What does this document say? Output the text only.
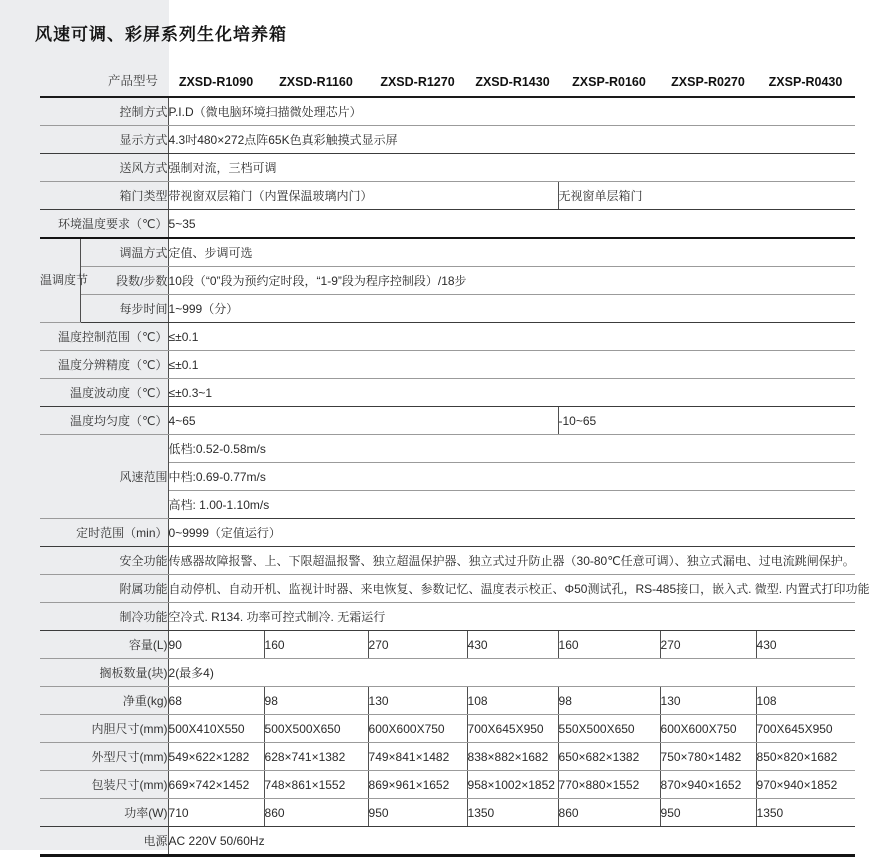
风速可调、彩屏系列生化培养箱
产品型号	ZXSD-R1090	ZXSD-R1160	ZXSD-R1270	ZXSD-R1430	ZXSP-R0160	ZXSP-R0270	ZXSP-R0430
控制方式		P.I.D（微电脑环境扫描微处理芯片）						
显示方式		4.3吋480×272点阵65K色真彩触摸式显示屏						
送风方式		强制对流，三档可调						
箱门类型		带视窗双层箱门（内置保温玻璃内门）				无视窗单层箱门		
环境温度要求（℃）		5~35						
温调度节	调温方式	定值、步调可选						
	段数/步数	10段（“0”段为预约定时段，“1-9”段为程序控制段）/18步						
	每步时间	1~999（分）						
温度控制范围（℃）		≤±0.1						
温度分辨精度（℃）		≤±0.1						
温度波动度（℃）		≤±0.3~1						
温度均匀度（℃）		4~65				-10~65		
风速范围		低档:0.52-0.58m/s						
		中档:0.69-0.77m/s						
		高档: 1.00-1.10m/s						
定时范围（min）		0~9999（定值运行）						
安全功能		传感器故障报警、上、下限超温报警、独立超温保护器、独立式过升防止器（30-80℃任意可调）、独立式漏电、过电流跳闸保护。						
附属功能		自动停机、自动开机、监视计时器、来电恢复、参数记忆、温度表示校正、Φ50测试孔，RS-485接口，嵌入式. 微型. 内置式打印功能						
制冷功能		空冷式. R134. 功率可控式制冷. 无霜运行						
容量(L)		90	160	270	430	160	270	430
搁板数量(块)		2(最多4)						
净重(kg)		68	98	130	108	98	130	108
内胆尺寸(mm)		500X410X550	500X500X650	600X600X750	700X645X950	550X500X650	600X600X750	700X645X950
外型尺寸(mm)		549×622×1282	628×741×1382	749×841×1482	838×882×1682	650×682×1382	750×780×1482	850×820×1682
包装尺寸(mm)		669×742×1452	748×861×1552	869×961×1652	958×1002×1852	770×880×1552	870×940×1652	970×940×1852
功率(W)		710	860	950	1350	860	950	1350
电源		AC 220V 50/60Hz						
